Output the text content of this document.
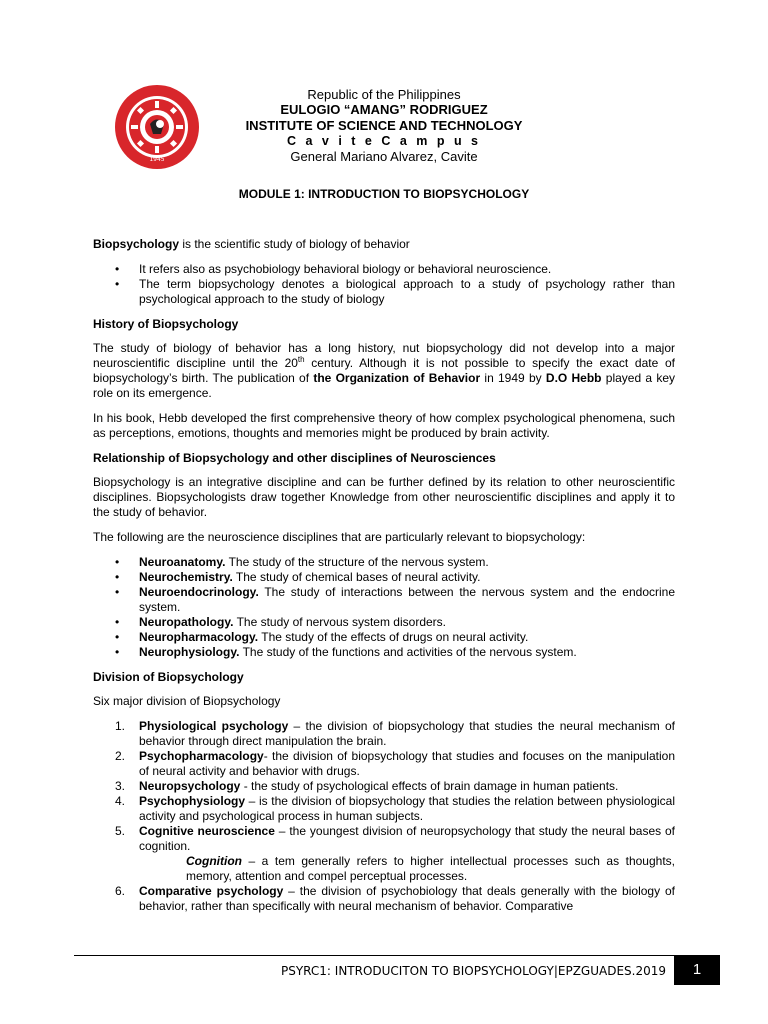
1945
Republic of the Philippines
EULOGIO “AMANG” RODRIGUEZ
INSTITUTE OF SCIENCE AND TECHNOLOGY
C a v i t e C a m p u s
General Mariano Alvarez, Cavite
MODULE 1: INTRODUCTION TO BIOPSYCHOLOGY

Biopsychology is the scientific study of biology of behavior

• It refers also as psychobiology behavioral biology or behavioral neuroscience.
• The term biopsychology denotes a biological approach to a study of psychology rather than psychological approach to the study of biology

History of Biopsychology

The study of biology of behavior has a long history, nut biopsychology did not develop into a major neuroscientific discipline until the 20th century. Although it is not possible to specify the exact date of biopsychology’s birth. The publication of the Organization of Behavior in 1949 by D.O Hebb played a key role on its emergence.

In his book, Hebb developed the first comprehensive theory of how complex psychological phenomena, such as perceptions, emotions, thoughts and memories might be produced by brain activity.

Relationship of Biopsychology and other disciplines of Neurosciences

Biopsychology is an integrative discipline and can be further defined by its relation to other neuroscientific disciplines. Biopsychologists draw together Knowledge from other neuroscientific disciplines and apply it to the study of behavior.

The following are the neuroscience disciplines that are particularly relevant to biopsychology:

• Neuroanatomy. The study of the structure of the nervous system.
• Neurochemistry. The study of chemical bases of neural activity.
• Neuroendocrinology. The study of interactions between the nervous system and the endocrine system.
• Neuropathology. The study of nervous system disorders.
• Neuropharmacology. The study of the effects of drugs on neural activity.
• Neurophysiology. The study of the functions and activities of the nervous system.

Division of Biopsychology

Six major division of Biopsychology

1. Physiological psychology – the division of biopsychology that studies the neural mechanism of behavior through direct manipulation the brain.
2. Psychopharmacology- the division of biopsychology that studies and focuses on the manipulation of neural activity and behavior with drugs.
3. Neuropsychology - the study of psychological effects of brain damage in human patients.
4. Psychophysiology – is the division of biopsychology that studies the relation between physiological activity and psychological process in human subjects.
5. Cognitive neuroscience – the youngest division of neuropsychology that study the neural bases of cognition.
Cognition – a tem generally refers to higher intellectual processes such as thoughts, memory, attention and compel perceptual processes.
6. Comparative psychology – the division of psychobiology that deals generally with the biology of behavior, rather than specifically with neural mechanism of behavior. Comparative
PSYRC1: INTRODUCITON TO BIOPSYCHOLOGY|EPZGUADES.2019	1
